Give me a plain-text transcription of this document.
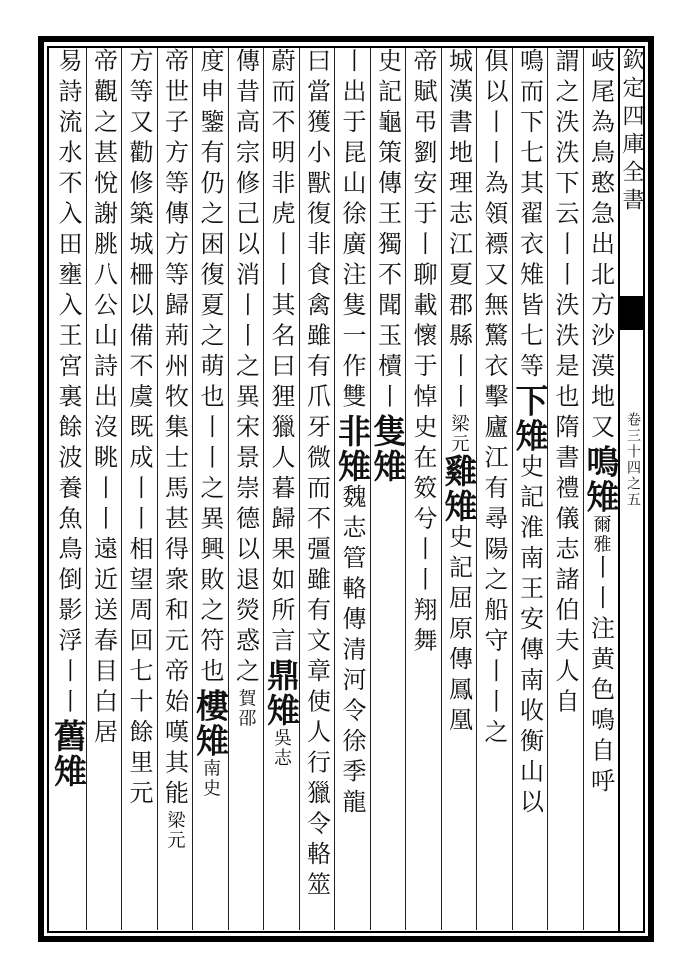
欽定四庫全書
卷三十四之五
岐尾為鳥憨急出北方沙漠地又鳴雉爾雅丨丨注黄色鳴自呼
謂之泆泆下云丨丨泆泆是也隋書禮儀志諸伯夫人自
鳴而下七其翟衣雉皆七等下雉史記淮南王安傳南收衡山以
俱以丨丨為領褾又無驚衣擊廬江有尋陽之船守丨丨之
城漢書地理志江夏郡縣丨丨梁元雞雉史記屈原傳鳳凰
帝賦弔劉安于丨聊載懷于悼史在笯兮丨丨翔舞
史記龜策傳王獨不聞玉櫝丨隻雉
丨出于昆山徐廣注隻一作雙非雉魏志管輅傳清河令徐季龍
曰當獲小獸復非食禽雖有爪牙微而不彊雖有文章使人行獵令輅筮
蔚而不明非虎丨丨其名曰狸獵人暮歸果如所言鼎雉吳志
傳昔高宗修己以消丨丨之異宋景崇德以退熒惑之賀邵
度申鑒有仍之困復夏之萌也丨丨之異興敗之符也樓雉南史
帝世子方等傳方等歸荊州牧集士馬甚得衆和元帝始嘆其能梁元
方等又勸修築城柵以備不虞既成丨丨相望周回七十餘里元
帝觀之甚悅謝脁八公山詩出沒眺丨丨遠近送春目白居
易詩流水不入田壅入王宮裏餘波養魚鳥倒影浮丨丨舊雉
